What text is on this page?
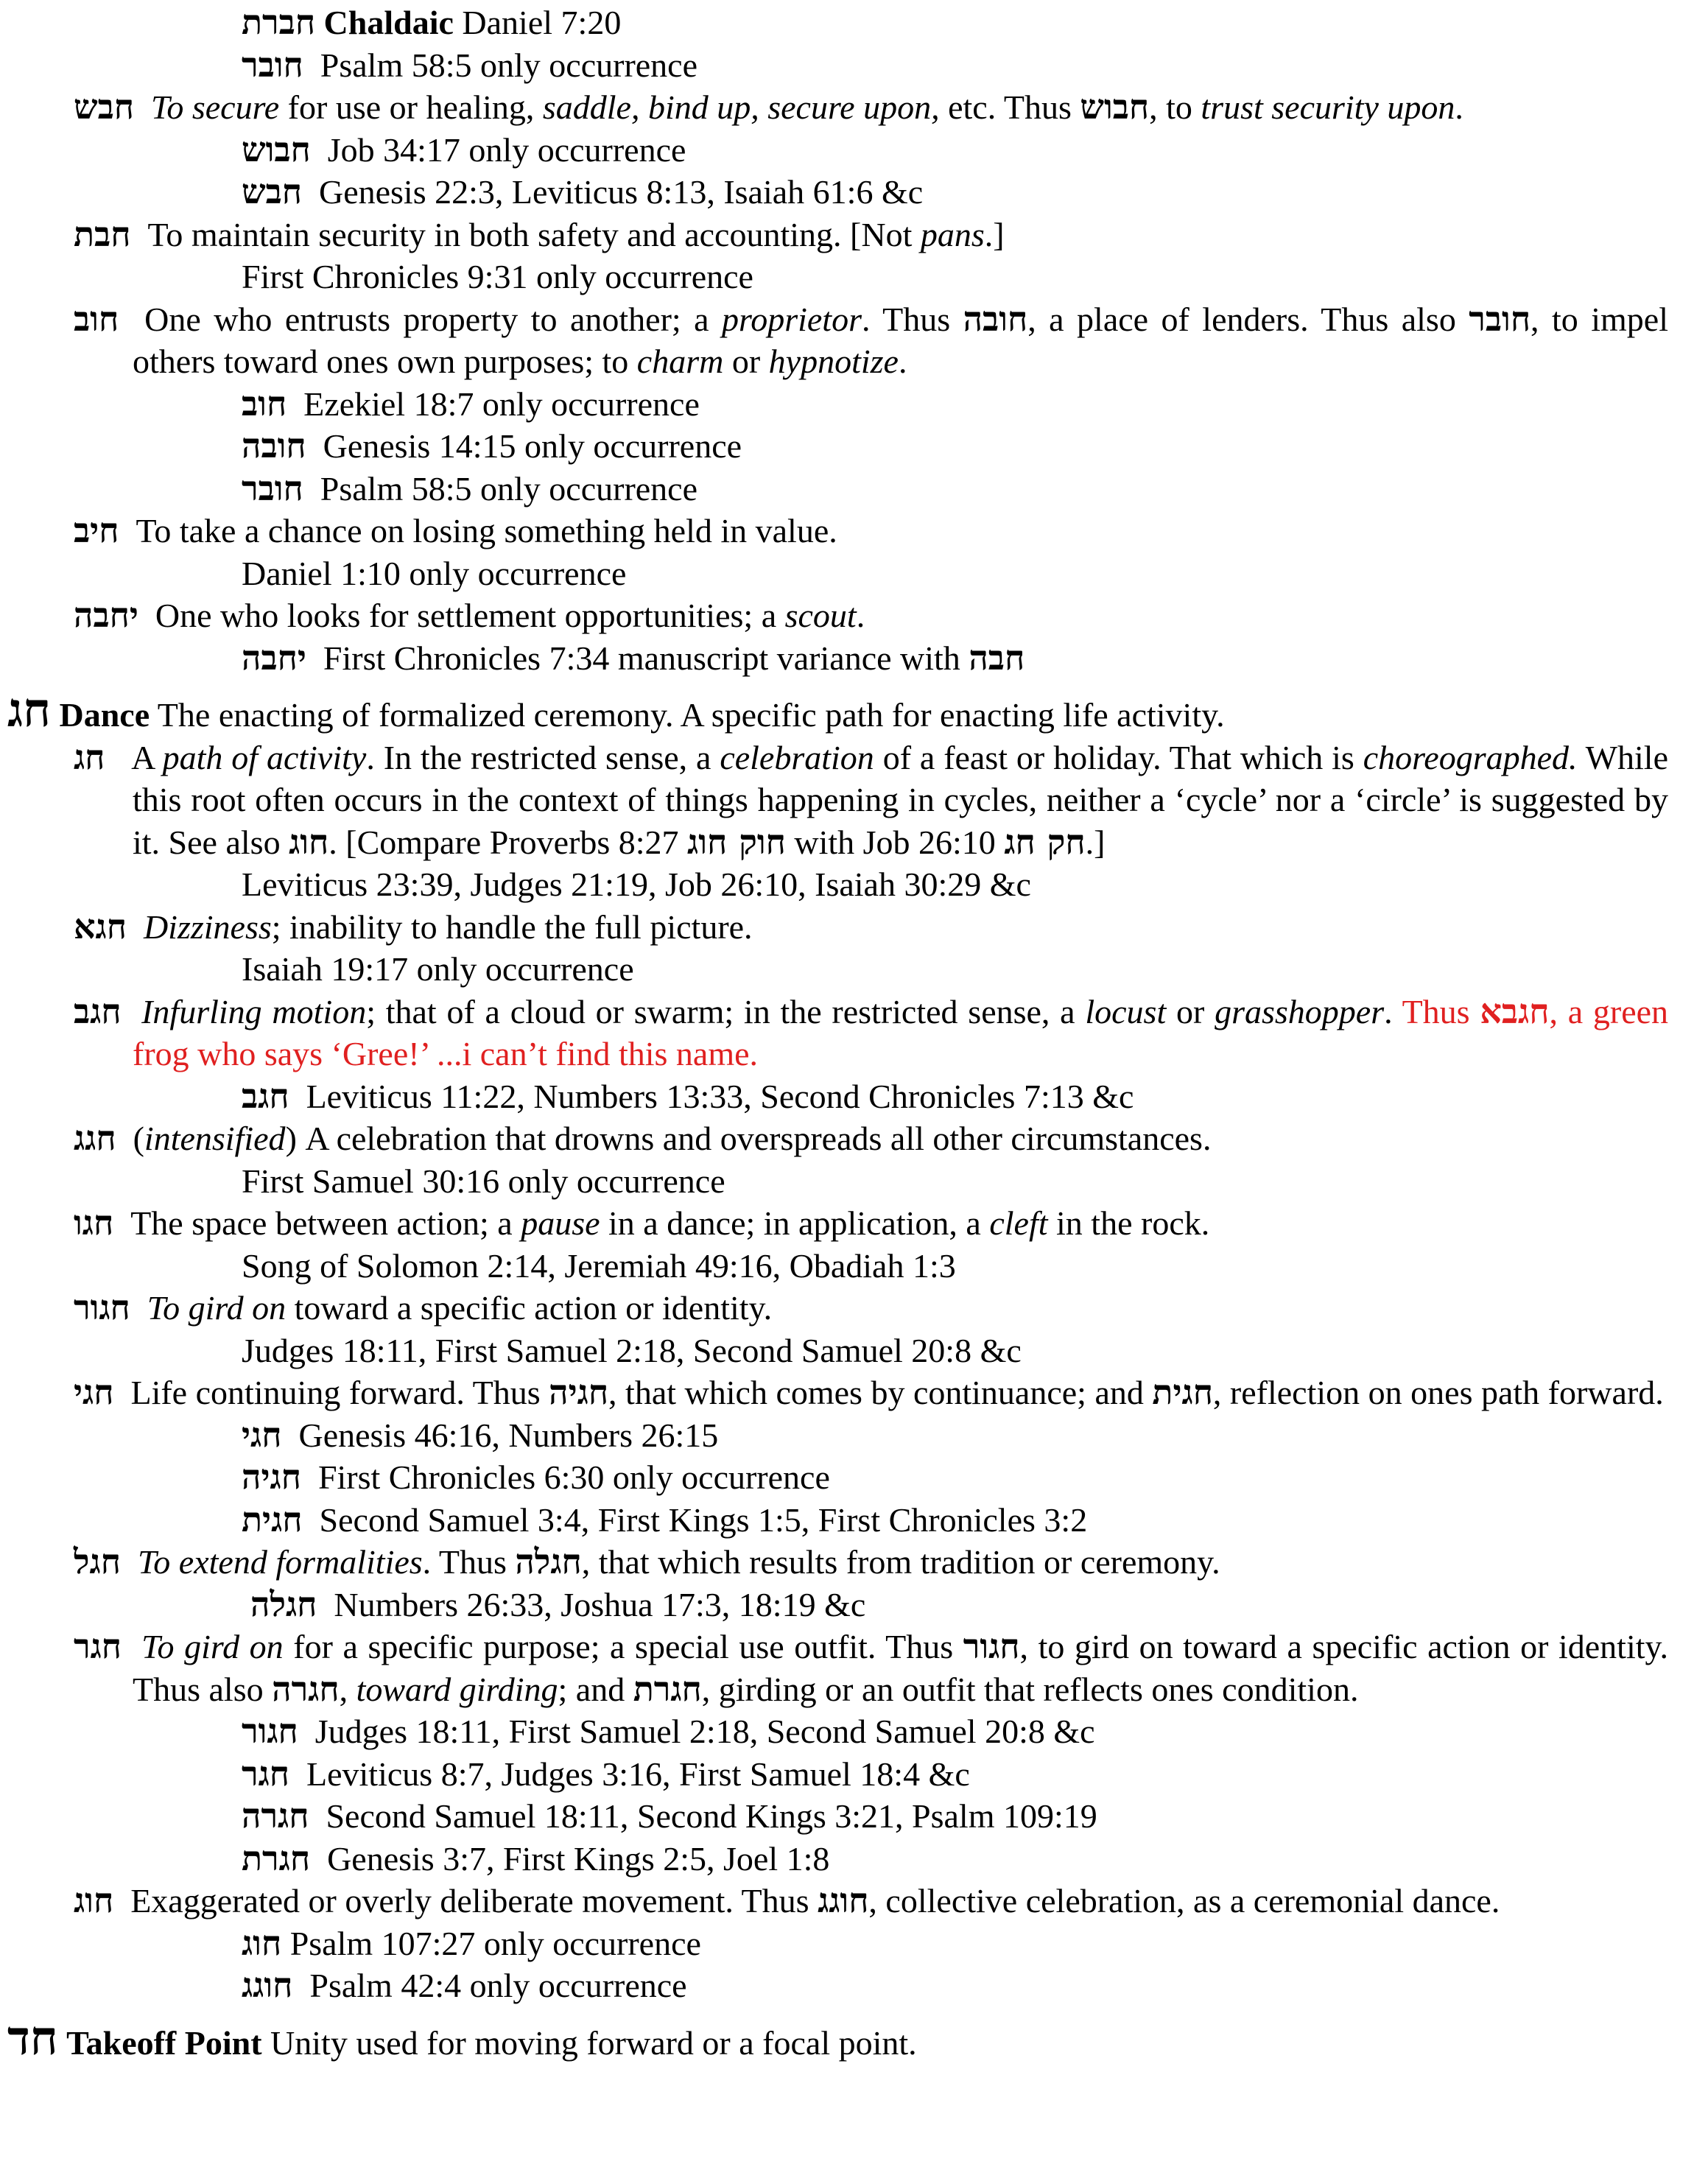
חברת Chaldaic Daniel 7:20
חובר Psalm 58:5 only occurrence
חבש To secure for use or healing, saddle, bind up, secure upon, etc. Thus חבוש, to trust security upon.
חבוש Job 34:17 only occurrence
חבש Genesis 22:3, Leviticus 8:13, Isaiah 61:6 &c
חבת To maintain security in both safety and accounting. [Not pans.]
First Chronicles 9:31 only occurrence
חוב One who entrusts property to another; a proprietor. Thus חובה, a place of lenders. Thus also חובר, to impel others toward ones own purposes; to charm or hypnotize.
חוב Ezekiel 18:7 only occurrence
חובה Genesis 14:15 only occurrence
חובר Psalm 58:5 only occurrence
חיב To take a chance on losing something held in value.
Daniel 1:10 only occurrence
יחבה One who looks for settlement opportunities; a scout.
יחבה First Chronicles 7:34 manuscript variance with חבה
חג Dance The enacting of formalized ceremony. A specific path for enacting life activity.
חג A path of activity. In the restricted sense, a celebration of a feast or holiday. That which is choreographed. While this root often occurs in the context of things happening in cycles, neither a ‘cycle’ nor a ‘circle’ is suggested by it. See also חוג. [Compare Proverbs 8:27 חוק חוג with Job 26:10 חק חג.]
Leviticus 23:39, Judges 21:19, Job 26:10, Isaiah 30:29 &c
חגא Dizziness; inability to handle the full picture.
Isaiah 19:17 only occurrence
חגב Infurling motion; that of a cloud or swarm; in the restricted sense, a locust or grasshopper. Thus חגבא, a green frog who says ‘Gree!’ ...i can’t find this name.
חגב Leviticus 11:22, Numbers 13:33, Second Chronicles 7:13 &c
חגג (intensified) A celebration that drowns and overspreads all other circumstances.
First Samuel 30:16 only occurrence
חגו The space between action; a pause in a dance; in application, a cleft in the rock.
Song of Solomon 2:14, Jeremiah 49:16, Obadiah 1:3
חגור To gird on toward a specific action or identity.
Judges 18:11, First Samuel 2:18, Second Samuel 20:8 &c
חגי Life continuing forward. Thus חגיה, that which comes by continuance; and חגית, reflection on ones path forward.
חגי Genesis 46:16, Numbers 26:15
חגיה First Chronicles 6:30 only occurrence
חגית Second Samuel 3:4, First Kings 1:5, First Chronicles 3:2
חגל To extend formalities. Thus חגלה, that which results from tradition or ceremony.
חגלה Numbers 26:33, Joshua 17:3, 18:19 &c
חגר To gird on for a specific purpose; a special use outfit. Thus חגור, to gird on toward a specific action or identity. Thus also חגרה, toward girding; and חגרת, girding or an outfit that reflects ones condition.
חגור Judges 18:11, First Samuel 2:18, Second Samuel 20:8 &c
חגר Leviticus 8:7, Judges 3:16, First Samuel 18:4 &c
חגרה Second Samuel 18:11, Second Kings 3:21, Psalm 109:19
חגרת Genesis 3:7, First Kings 2:5, Joel 1:8
חוג Exaggerated or overly deliberate movement. Thus חוגג, collective celebration, as a ceremonial dance.
חוג Psalm 107:27 only occurrence
חוגג Psalm 42:4 only occurrence
חד Takeoff Point Unity used for moving forward or a focal point.
